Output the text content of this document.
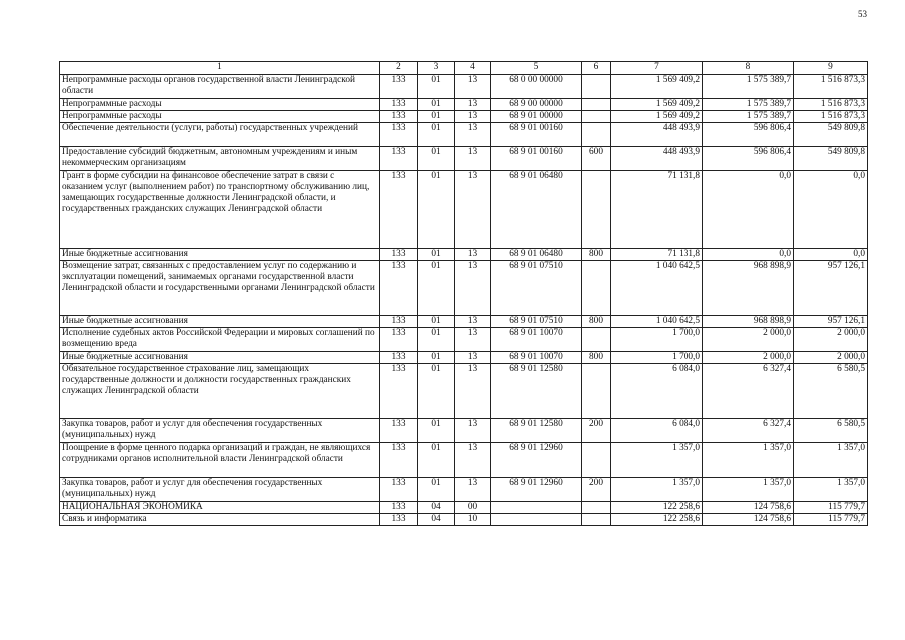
53
1	2	3	4	5	6	7	8	9
Непрограммные расходы органов государственной власти Ленинградской области	133	01	13	68 0 00 00000		1 569 409,2	1 575 389,7	1 516 873,3
Непрограммные расходы	133	01	13	68 9 00 00000		1 569 409,2	1 575 389,7	1 516 873,3
Непрограммные расходы	133	01	13	68 9 01 00000		1 569 409,2	1 575 389,7	1 516 873,3
Обеспечение деятельности (услуги, работы) государственных учреждений	133	01	13	68 9 01 00160		448 493,9	596 806,4	549 809,8
Предоставление субсидий бюджетным, автономным учреждениям и иным некоммерческим организациям	133	01	13	68 9 01 00160	600	448 493,9	596 806,4	549 809,8
Грант в форме субсидии на финансовое обеспечение затрат в связи с оказанием услуг (выполнением работ) по транспортному обслуживанию лиц, замещающих государственные должности Ленинградской области, и государственных гражданских служащих Ленинградской области	133	01	13	68 9 01 06480		71 131,8	0,0	0,0
Иные бюджетные ассигнования	133	01	13	68 9 01 06480	800	71 131,8	0,0	0,0
Возмещение затрат, связанных с предоставлением услуг по содержанию и эксплуатации помещений, занимаемых органами государственной власти Ленинградской области и государственными органами Ленинградской области	133	01	13	68 9 01 07510		1 040 642,5	968 898,9	957 126,1
Иные бюджетные ассигнования	133	01	13	68 9 01 07510	800	1 040 642,5	968 898,9	957 126,1
Исполнение судебных актов Российской Федерации и мировых соглашений по возмещению вреда	133	01	13	68 9 01 10070		1 700,0	2 000,0	2 000,0
Иные бюджетные ассигнования	133	01	13	68 9 01 10070	800	1 700,0	2 000,0	2 000,0
Обязательное государственное страхование лиц, замещающих государственные должности и должности государственных гражданских служащих Ленинградской области	133	01	13	68 9 01 12580		6 084,0	6 327,4	6 580,5
Закупка товаров, работ и услуг для обеспечения государственных (муниципальных) нужд	133	01	13	68 9 01 12580	200	6 084,0	6 327,4	6 580,5
Поощрение в форме ценного подарка организаций и граждан, не являющихся сотрудниками органов исполнительной власти Ленинградской области	133	01	13	68 9 01 12960		1 357,0	1 357,0	1 357,0
Закупка товаров, работ и услуг для обеспечения государственных (муниципальных) нужд	133	01	13	68 9 01 12960	200	1 357,0	1 357,0	1 357,0
НАЦИОНАЛЬНАЯ ЭКОНОМИКА	133	04	00			122 258,6	124 758,6	115 779,7
Связь и информатика	133	04	10			122 258,6	124 758,6	115 779,7
